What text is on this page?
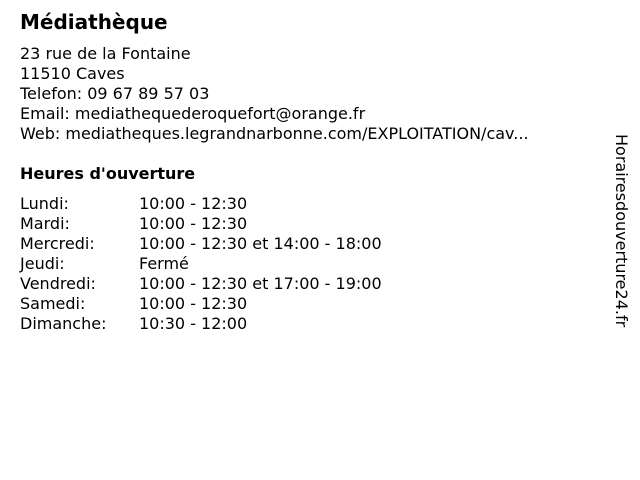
Médiathèque
23 rue de la Fontaine
11510 Caves
Telefon: 09 67 89 57 03
Email: mediathequederoquefort@orange.fr
Web: mediatheques.legrandnarbonne.com/EXPLOITATION/cav...
Heures d'ouverture
Lundi:	10:00 - 12:30
Mardi:	10:00 - 12:30
Mercredi:	10:00 - 12:30 et 14:00 - 18:00
Jeudi:	Fermé
Vendredi:	10:00 - 12:30 et 17:00 - 19:00
Samedi:	10:00 - 12:30
Dimanche:	10:30 - 12:00	Horairesdouverture24.fr
